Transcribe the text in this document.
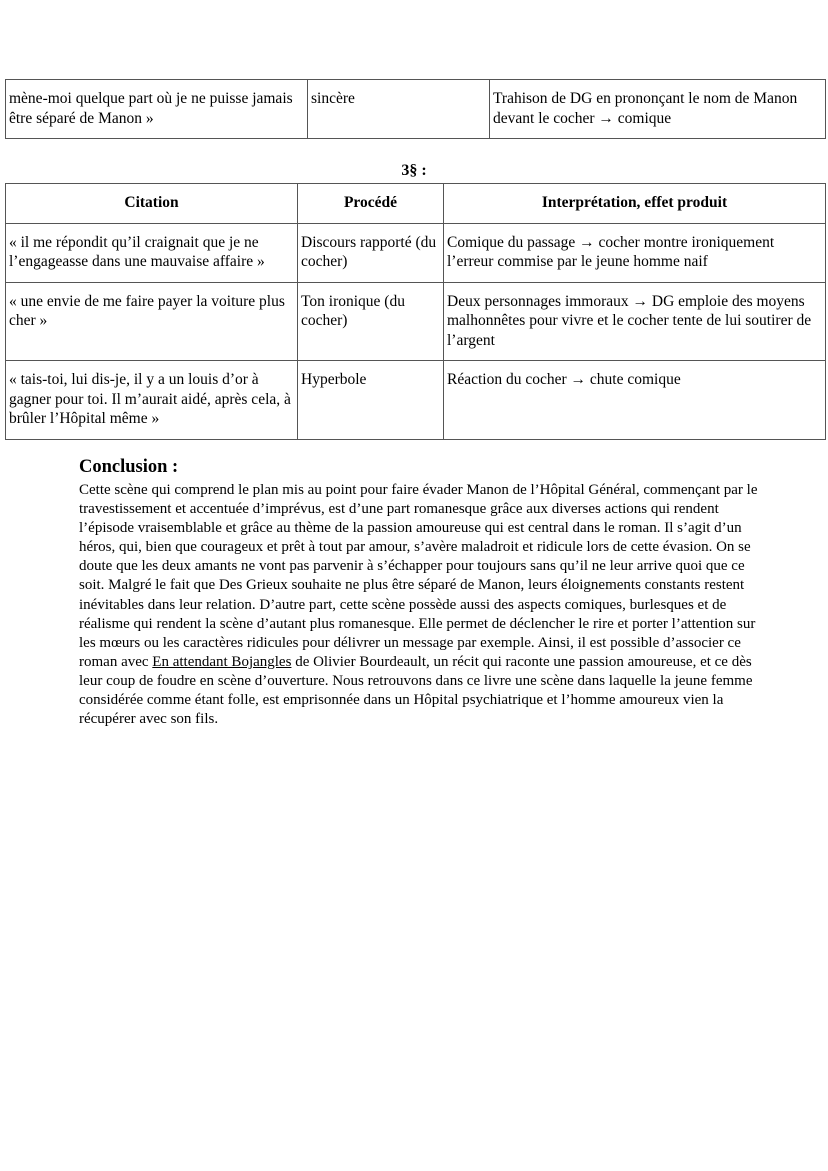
mène-moi quelque part où je ne puisse jamais être séparé de Manon »	sincère	Trahison de DG en prononçant le nom de Manon devant le cocher → comique
3§ :
Citation	Procédé	Interprétation, effet produit
« il me répondit qu’il craignait que je ne l’engageasse dans une mauvaise affaire »	Discours rapporté (du cocher)	Comique du passage → cocher montre ironiquement l’erreur commise par le jeune homme naif
« une envie de me faire payer la voiture plus cher »	Ton ironique (du cocher)	Deux personnages immoraux → DG emploie des moyens malhonnêtes pour vivre et le cocher tente de lui soutirer de l’argent
« tais-toi, lui dis-je, il y a un louis d’or à gagner pour toi. Il m’aurait aidé, après cela, à brûler l’Hôpital même »	Hyperbole	Réaction du cocher → chute comique
Conclusion :

Cette scène qui comprend le plan mis au point pour faire évader Manon de l’Hôpital Général, commençant par le travestissement et accentuée d’imprévus, est d’une part romanesque grâce aux diverses actions qui rendent l’épisode vraisemblable et grâce au thème de la passion amoureuse qui est central dans le roman. Il s’agit d’un héros, qui, bien que courageux et prêt à tout par amour, s’avère maladroit et ridicule lors de cette évasion. On se doute que les deux amants ne vont pas parvenir à s’échapper pour toujours sans qu’il ne leur arrive quoi que ce soit. Malgré le fait que Des Grieux souhaite ne plus être séparé de Manon, leurs éloignements constants restent inévitables dans leur relation. D’autre part, cette scène possède aussi des aspects comiques, burlesques et de réalisme qui rendent la scène d’autant plus romanesque. Elle permet de déclencher le rire et porter l’attention sur les mœurs ou les caractères ridicules pour délivrer un message par exemple. Ainsi, il est possible d’associer ce roman avec En attendant Bojangles de Olivier Bourdeault, un récit qui raconte une passion amoureuse, et ce dès leur coup de foudre en scène d’ouverture. Nous retrouvons dans ce livre une scène dans laquelle la jeune femme considérée comme étant folle, est emprisonnée dans un Hôpital psychiatrique et l’homme amoureux vien la récupérer avec son fils.
